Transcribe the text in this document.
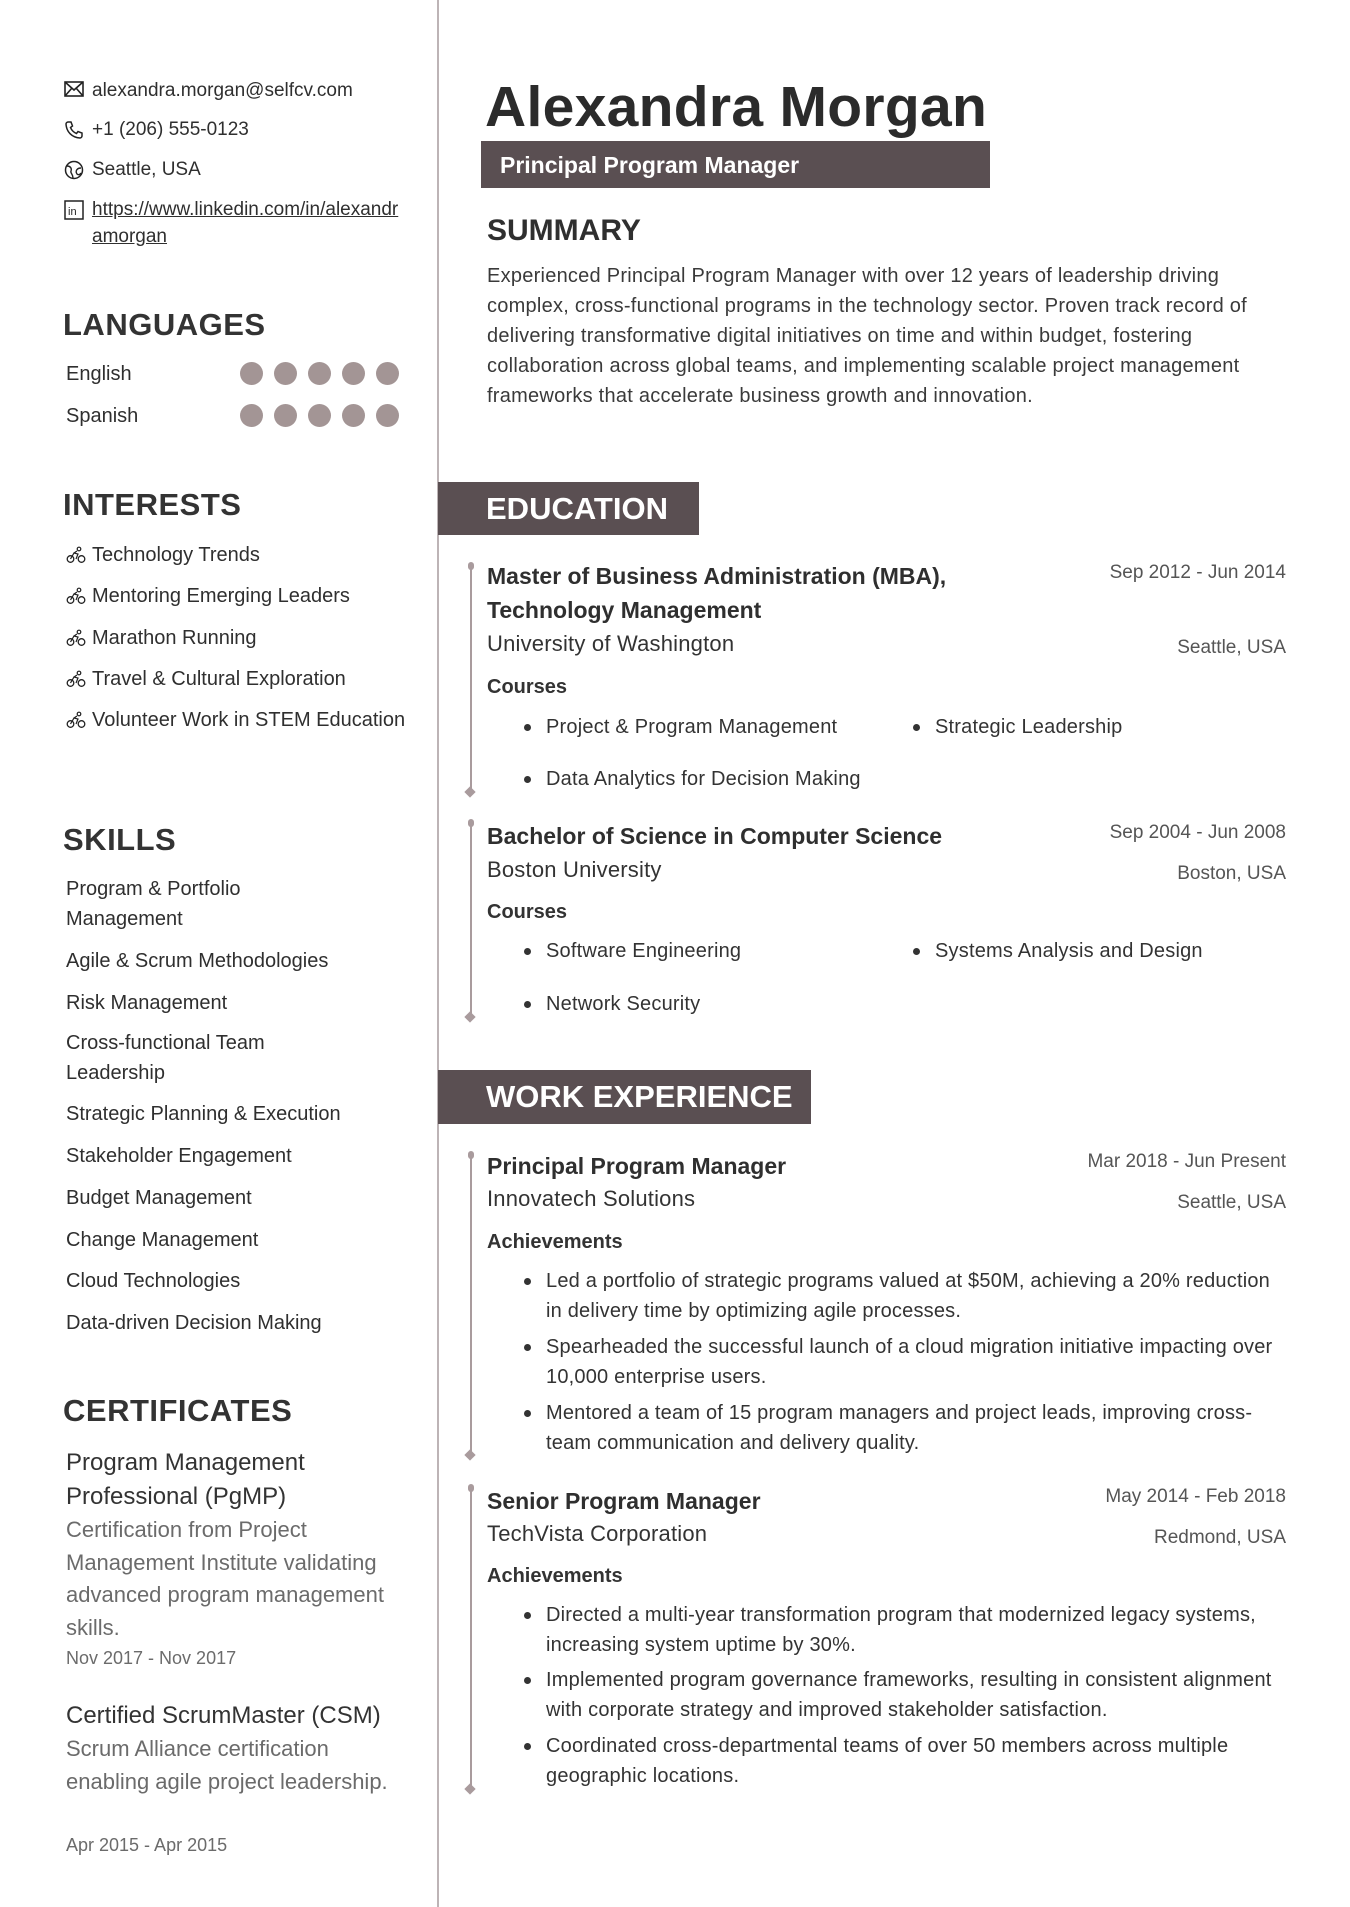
alexandra.morgan@selfcv.com
+1 (206) 555-0123
Seattle, USA
in https://www.linkedin.com/in/alexandramorgan
LANGUAGES
English
Spanish
INTERESTS
Technology Trends
Mentoring Emerging Leaders
Marathon Running
Travel & Cultural Exploration
Volunteer Work in STEM Education
SKILLS
Program & Portfolio Management
Agile & Scrum Methodologies
Risk Management
Cross-functional Team Leadership
Strategic Planning & Execution
Stakeholder Engagement
Budget Management
Change Management
Cloud Technologies
Data-driven Decision Making
CERTIFICATES
Program Management Professional (PgMP)
Certification from Project Management Institute validating advanced program management skills.
Nov 2017 - Nov 2017
Certified ScrumMaster (CSM)
Scrum Alliance certification enabling agile project leadership.
Apr 2015 - Apr 2015
Alexandra Morgan
Principal Program Manager
SUMMARY
Experienced Principal Program Manager with over 12 years of leadership driving complex, cross-functional programs in the technology sector. Proven track record of delivering transformative digital initiatives on time and within budget, fostering collaboration across global teams, and implementing scalable project management frameworks that accelerate business growth and innovation.
EDUCATION
Master of Business Administration (MBA), Technology Management
Sep 2012 - Jun 2014
University of Washington	Seattle, USA
Courses
Project & Program Management	Strategic Leadership
Data Analytics for Decision Making
Bachelor of Science in Computer Science	Sep 2004 - Jun 2008
Boston University	Boston, USA
Courses
Software Engineering	Systems Analysis and Design
Network Security
WORK EXPERIENCE
Principal Program Manager	Mar 2018 - Jun Present
Innovatech Solutions	Seattle, USA
Achievements
Led a portfolio of strategic programs valued at $50M, achieving a 20% reduction in delivery time by optimizing agile processes.
Spearheaded the successful launch of a cloud migration initiative impacting over 10,000 enterprise users.
Mentored a team of 15 program managers and project leads, improving cross-team communication and delivery quality.
Senior Program Manager	May 2014 - Feb 2018
TechVista Corporation	Redmond, USA
Achievements
Directed a multi-year transformation program that modernized legacy systems, increasing system uptime by 30%.
Implemented program governance frameworks, resulting in consistent alignment with corporate strategy and improved stakeholder satisfaction.
Coordinated cross-departmental teams of over 50 members across multiple geographic locations.
